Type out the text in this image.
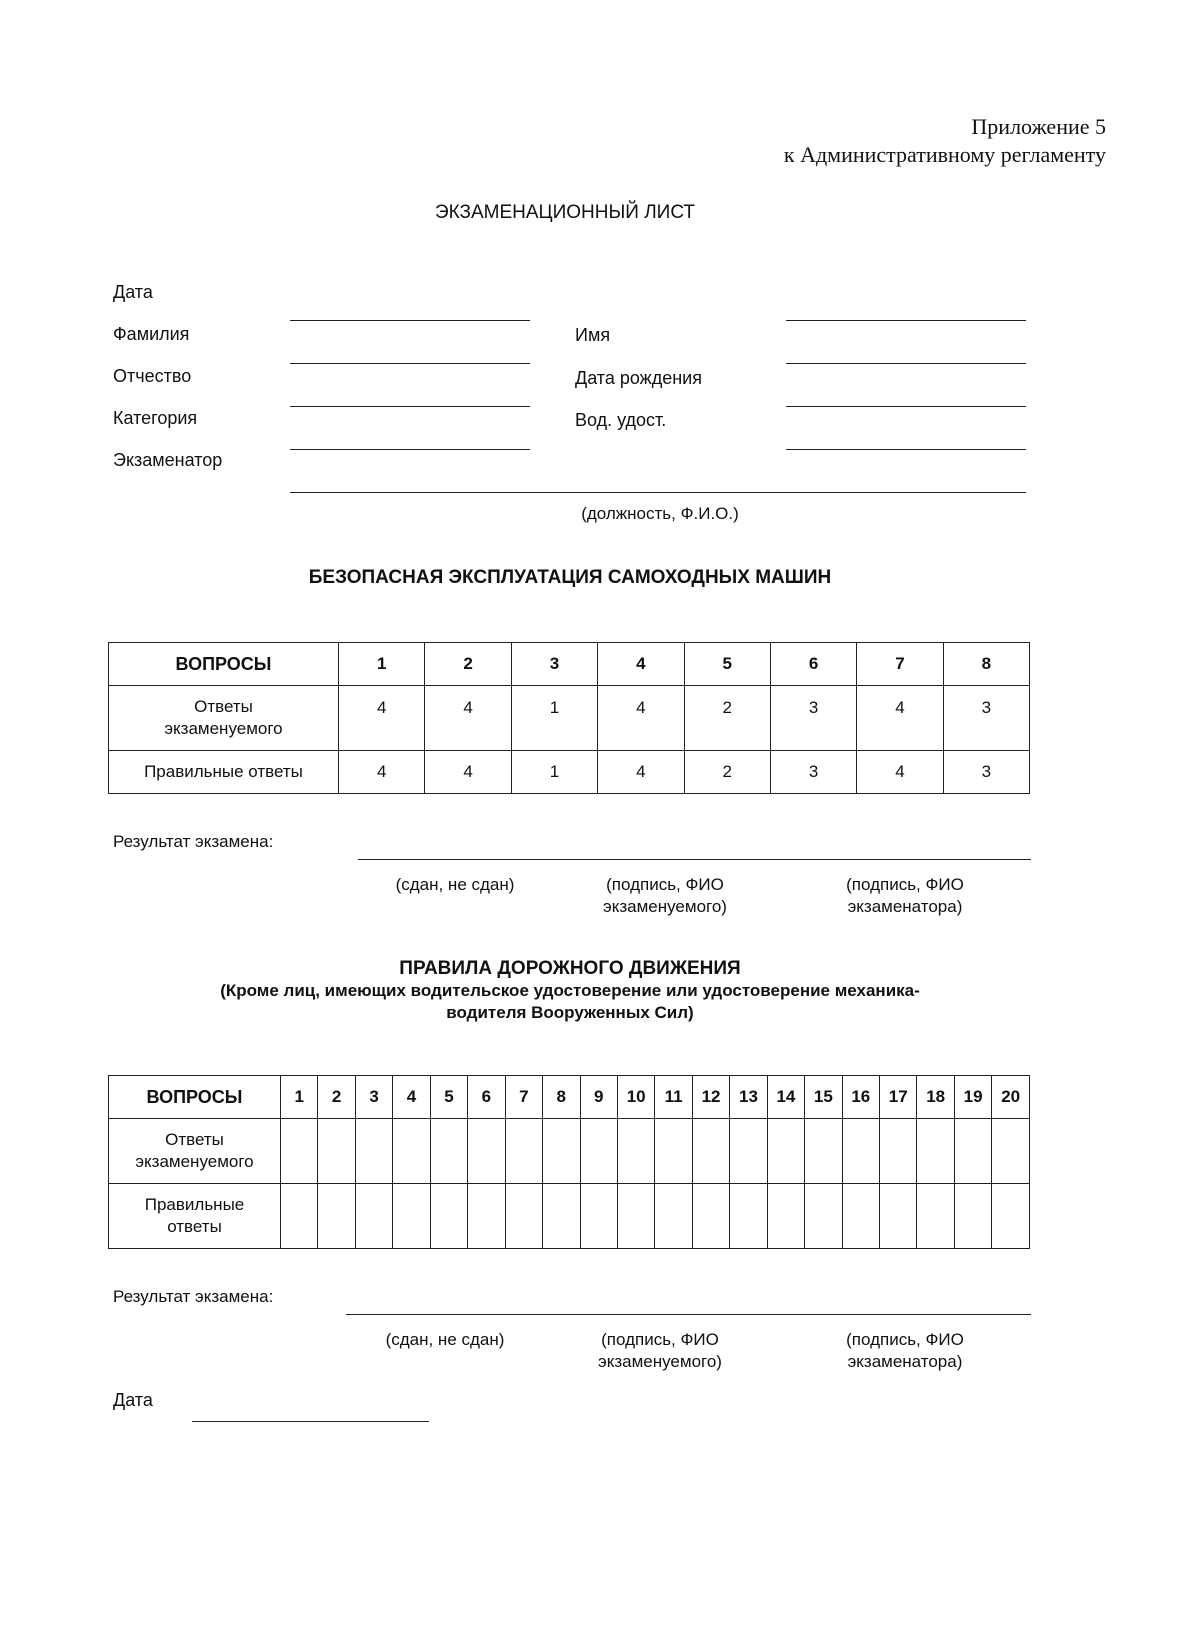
Приложение 5
к Административному регламенту
ЭКЗАМЕНАЦИОННЫЙ ЛИСТ
Дата
Фамилия	Имя
Отчество	Дата рождения
Категория	Вод. удост.
Экзаменатор
(должность, Ф.И.О.)
БЕЗОПАСНАЯ ЭКСПЛУАТАЦИЯ САМОХОДНЫХ МАШИН
ВОПРОСЫ	1	2	3	4	5	6	7	8

Ответы
экзаменуемого	4	4	1	4	2	3	4	3
Правильные ответы	4	4	1	4	2	3	4	3
Результат экзамена:
(сдан, не сдан)	(подпись, ФИО
экзаменуемого)
(подпись, ФИО
экзаменатора)
ПРАВИЛА ДОРОЖНОГО ДВИЖЕНИЯ
(Кроме лиц, имеющих водительское удостоверение или удостоверение механика-
водителя Вооруженных Сил)
ВОПРОСЫ	1	2	3	4	5	6	7	8	9	10	11	12	13	14	15	16	17	18	19	20

Ответы
экзаменуемого																				

Правильные
ответы																				

Результат экзамена:
(сдан, не сдан)	(подпись, ФИО
экзаменуемого)
(подпись, ФИО
экзаменатора)
Дата
